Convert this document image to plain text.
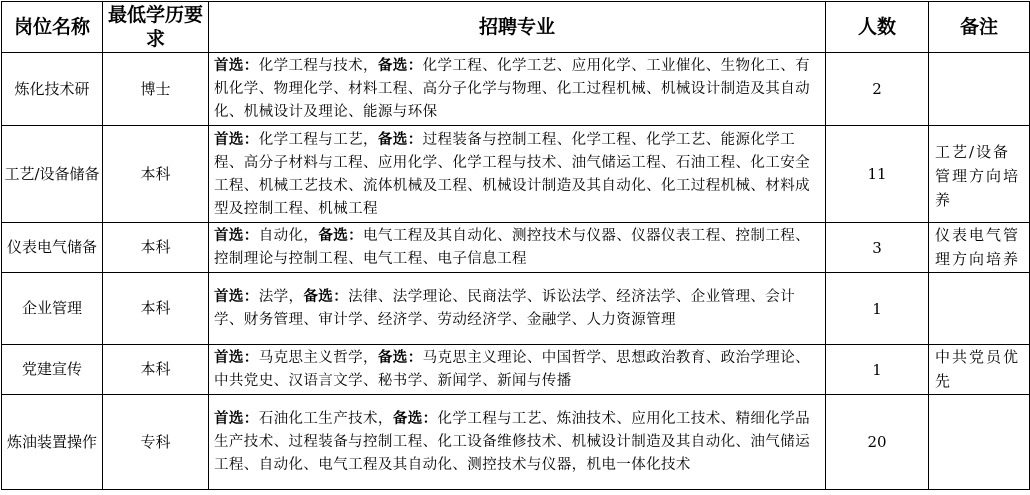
岗位名称	最低学历要求	招聘专业	人数	备注
炼化技术研	博士	首选：化学工程与技术，备选：化学工程、化学工艺、应用化学、工业催化、生物化工、有机化学、物理化学、材料工程、高分子化学与物理、化工过程机械、机械设计制造及其自动化、机械设计及理论、能源与环保	2	
工艺/设备储备	本科	首选：化学工程与工艺，备选：过程装备与控制工程、化学工程、化学工艺、能源化学工程、高分子材料与工程、应用化学、化学工程与技术、油气储运工程、石油工程、化工安全工程、机械工艺技术、流体机械及工程、机械设计制造及其自动化、化工过程机械、材料成型及控制工程、机械工程	11	工艺/设备管理方向培养
仪表电气储备	本科	首选：自动化，备选：电气工程及其自动化、测控技术与仪器、仪器仪表工程、控制工程、控制理论与控制工程、电气工程、电子信息工程	3	仪表电气管理方向培养
企业管理	本科	首选：法学，备选：法律、法学理论、民商法学、诉讼法学、经济法学、企业管理、会计学、财务管理、审计学、经济学、劳动经济学、金融学、人力资源管理	1	
党建宣传	本科	首选：马克思主义哲学，备选：马克思主义理论、中国哲学、思想政治教育、政治学理论、中共党史、汉语言文学、秘书学、新闻学、新闻与传播	1	中共党员优先
炼油装置操作	专科	首选：石油化工生产技术，备选：化学工程与工艺、炼油技术、应用化工技术、精细化学品生产技术、过程装备与控制工程、化工设备维修技术、机械设计制造及其自动化、油气储运工程、自动化、电气工程及其自动化、测控技术与仪器，机电一体化技术	20	
